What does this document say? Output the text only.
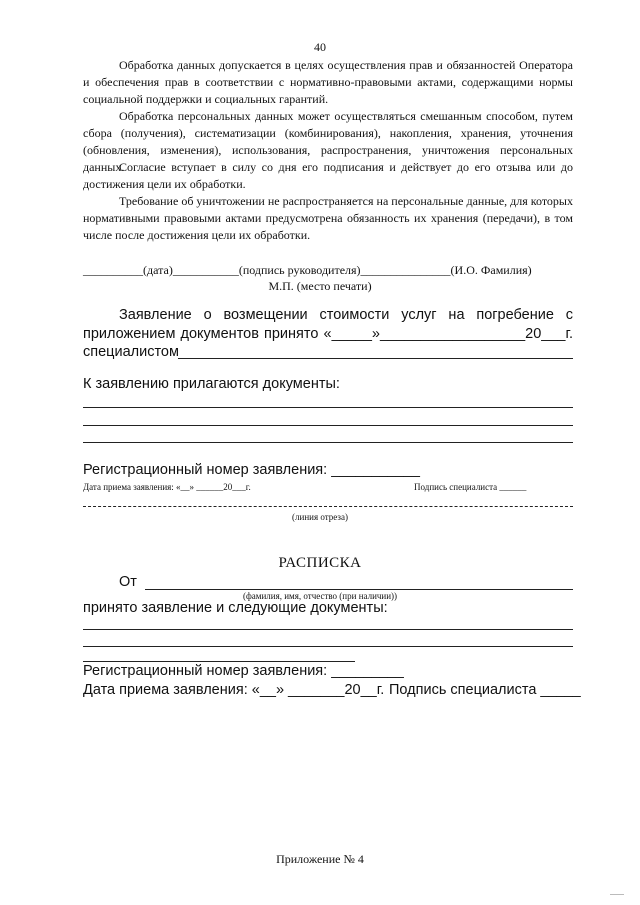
40
Обработка данных допускается в целях осуществления прав и обязанностей Оператора и обеспечения прав в соответствии с нормативно-правовыми актами, содержащими нормы социальной поддержки и социальных гарантий.
Обработка персональных данных может осуществляться смешанным способом, путем сбора (получения), систематизации (комбинирования), накопления, хранения, уточнения (обновления, изменения), использования, распространения, уничтожения персональных данных.
Согласие вступает в силу со дня его подписания и действует до его отзыва или до достижения цели их обработки.
Требование об уничтожении не распространяется на персональные данные, для которых нормативными правовыми актами предусмотрена обязанность их хранения (передачи), в том числе после достижения цели их обработки.
__________(дата)___________(подпись руководителя)_______________(И.О. Фамилия)
М.П. (место печати)
Заявление о возмещении стоимости услуг на погребение с приложением документов принято «_____»__________________20___г.
специалистом
К заявлению прилагаются документы:
Регистрационный номер заявления: ___________
Дата приема заявления: «__» ______20___г.	Подпись специалиста ______
(линия отреза)
РАСПИСКА
От
(фамилия, имя, отчество (при наличии))
принято заявление и следующие документы:
Регистрационный номер заявления: _________
Дата приема заявления: «__» _______20__г. Подпись специалиста _____
Приложение № 4
